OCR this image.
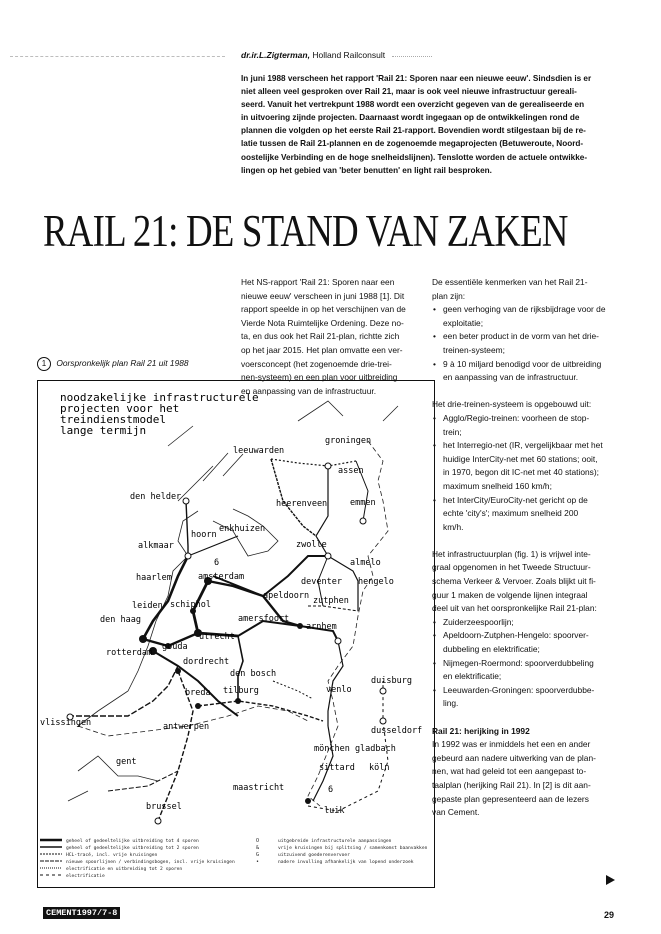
dr.ir.L.Zigterman, Holland Railconsult
In juni 1988 verscheen het rapport 'Rail 21: Sporen naar een nieuwe eeuw'. Sindsdien is er
niet alleen veel gesproken over Rail 21, maar is ook veel nieuwe infrastructuur gereali-
seerd. Vanuit het vertrekpunt 1988 wordt een overzicht gegeven van de gerealiseerde en
in uitvoering zijnde projecten. Daarnaast wordt ingegaan op de ontwikkelingen rond de
plannen die volgden op het eerste Rail 21-rapport. Bovendien wordt stilgestaan bij de re-
latie tussen de Rail 21-plannen en de zogenoemde megaprojecten (Betuweroute, Noord-
oostelijke Verbinding en de hoge snelheidslijnen). Tenslotte worden de actuele ontwikke-
lingen op het gebied van 'beter benutten' en light rail besproken.
RAIL 21: DE STAND VAN ZAKEN
Het NS-rapport 'Rail 21: Sporen naar een
nieuwe eeuw' verscheen in juni 1988 [1]. Dit
rapport speelde in op het verschijnen van de
Vierde Nota Ruimtelijke Ordening. Deze no-
ta, en dus ook het Rail 21-plan, richtte zich
op het jaar 2015. Het plan omvatte een ver-
voersconcept (het zogenoemde drie-trei-
nen-systeem) en een plan voor uitbreiding
en aanpassing van de infrastructuur.
De essentiële kenmerken van het Rail 21-
plan zijn:
• geen verhoging van de rijksbijdrage voor de
exploitatie;
• een beter product in de vorm van het drie-
treinen-systeem;
• 9 à 10 miljard benodigd voor de uitbreiding
en aanpassing van de infrastructuur.
Het drie-treinen-systeem is opgebouwd uit:
• Agglo/Regio-treinen: voorheen de stop-
trein;
• het Interregio-net (IR, vergelijkbaar met het
huidige InterCity-net met 60 stations; ooit,
in 1970, begon dit IC-net met 40 stations);
maximum snelheid 160 km/h;
• het InterCity/EuroCity-net gericht op de
echte 'city's'; maximum snelheid 200
km/h.
Het infrastructuurplan (fig. 1) is vrijwel inte-
graal opgenomen in het Tweede Structuur-
schema Verkeer & Vervoer. Zoals blijkt uit fi-
guur 1 maken de volgende lijnen integraal
deel uit van het oorspronkelijke Rail 21-plan:
• Zuiderzeespoorlijn;
• Apeldoorn-Zutphen-Hengelo: spoorver-
dubbeling en elektrificatie;
• Nijmegen-Roermond: spoorverdubbeling
en elektrificatie;
• Leeuwarden-Groningen: spoorverdubbe-
ling.
Rail 21: herijking in 1992
In 1992 was er inmiddels het een en ander
gebeurd aan nadere uitwerking van de plan-
nen, wat had geleid tot een aangepast to-
taalplan (herijking Rail 21). In [2] is dit aan-
gepaste plan gepresenteerd aan de lezers
van Cement.
1 Oorspronkelijk plan Rail 21 uit 1988
noodzakelijke infrastructurele
projecten voor het
treindienstmodel
lange termijn
groningen
leeuwarden
assen
den helder
heerenveen	emmen
hoorn
enkhuizen
alkmaar	zwolle
almelo
6
haarlem	amsterdam	deventer hengelo
apeldoorn zutphen
leiden schiphol
den haag	amersfoort
arnhem
utrecht
gouda
rotterdam
dordrecht
den bosch
breda tilburg	venlo
duisburg
vlissingen	antwerpen	dusseldorf
gent
mönchen gladbach
sittard köln
maastricht	6
brussel	luik
geheel of gedeeltelijke uitbreiding tot 4 sporen
geheel of gedeeltelijke uitbreiding tot 2 sporen
HCL-tracé, incl. vrije kruisingen
nieuwe spoorlijnen / verbindingsbogen, incl. vrije kruisingen
electrificatie en uitbreiding tot 2 sporen
electrificatie
O
&
G
•
uitgebreide infrastructurele aanpassingen
vrije kruisingen bij splitsing / samenkomst baanvakken
uitzuivend goederenvervoer
nadere invulling afhankelijk van lopend onderzoek
CEMENT1997/7-8	29
